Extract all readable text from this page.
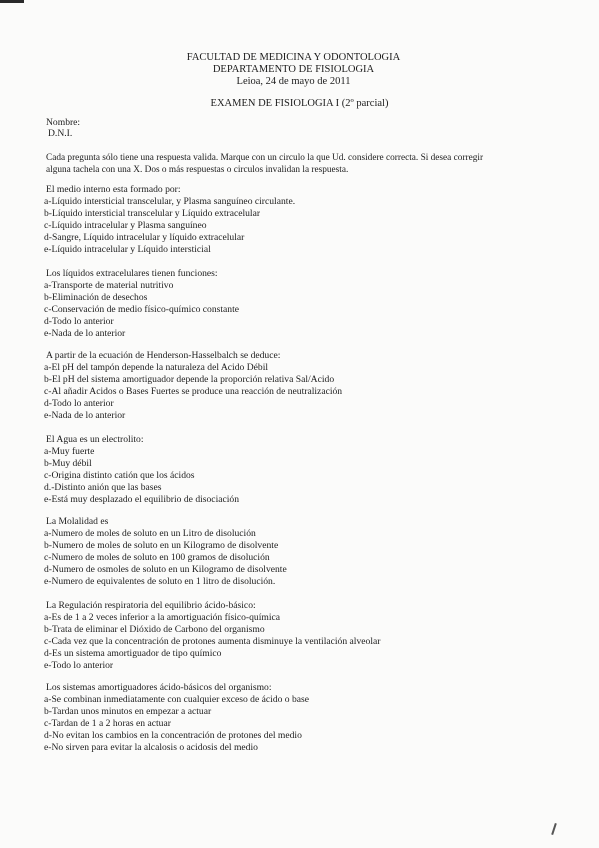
FACULTAD DE MEDICINA Y ODONTOLOGIA
DEPARTAMENTO DE FISIOLOGIA
Leioa, 24 de mayo de 2011
EXAMEN DE FISIOLOGIA I (2º parcial)
Nombre:
D.N.I.
Cada pregunta sólo tiene una respuesta valida. Marque con un circulo la que Ud. considere correcta. Si desea corregir
alguna tachela con una X. Dos o más respuestas o circulos invalidan la respuesta.
El medio interno esta formado por:
a-Líquido intersticial transcelular, y Plasma sanguíneo circulante.
b-Líquido intersticial transcelular y Líquido extracelular
c-Líquido intracelular y Plasma sanguíneo
d-Sangre, Líquido intracelular y líquido extracelular
e-Líquido intracelular y Líquido intersticial
Los líquidos extracelulares tienen funciones:
a-Transporte de material nutritivo
b-Eliminación de desechos
c-Conservación de medio físico-químico constante
d-Todo lo anterior
e-Nada de lo anterior
A partir de la ecuación de Henderson-Hasselbalch se deduce:
a-El pH del tampón depende la naturaleza del Acido Débil
b-El pH del sistema amortiguador depende la proporción relativa Sal/Acido
c-Al añadir Acidos o Bases Fuertes se produce una reacción de neutralización
d-Todo lo anterior
e-Nada de lo anterior
El Agua es un electrolito:
a-Muy fuerte
b-Muy débil
c-Origina distinto catión que los ácidos
d.-Distinto anión que las bases
e-Está muy desplazado el equilibrio de disociación
La Molalidad es
a-Numero de moles de soluto en un Litro de disolución
b-Numero de moles de soluto en un Kilogramo de disolvente
c-Numero de moles de soluto en 100 gramos de disolución
d-Numero de osmoles de soluto en un Kilogramo de disolvente
e-Numero de equivalentes de soluto en 1 litro de disolución.
La Regulación respiratoria del equilibrio ácido-básico:
a-Es de 1 a 2 veces inferior a la amortiguación físico-química
b-Trata de eliminar el Dióxido de Carbono del organismo
c-Cada vez que la concentración de protones aumenta disminuye la ventilación alveolar
d-Es un sistema amortiguador de tipo químico
e-Todo lo anterior
Los sistemas amortiguadores ácido-básicos del organismo:
a-Se combinan inmediatamente con cualquier exceso de ácido o base
b-Tardan unos minutos en empezar a actuar
c-Tardan de 1 a 2 horas en actuar
d-No evitan los cambios en la concentración de protones del medio
e-No sirven para evitar la alcalosis o acidosis del medio
